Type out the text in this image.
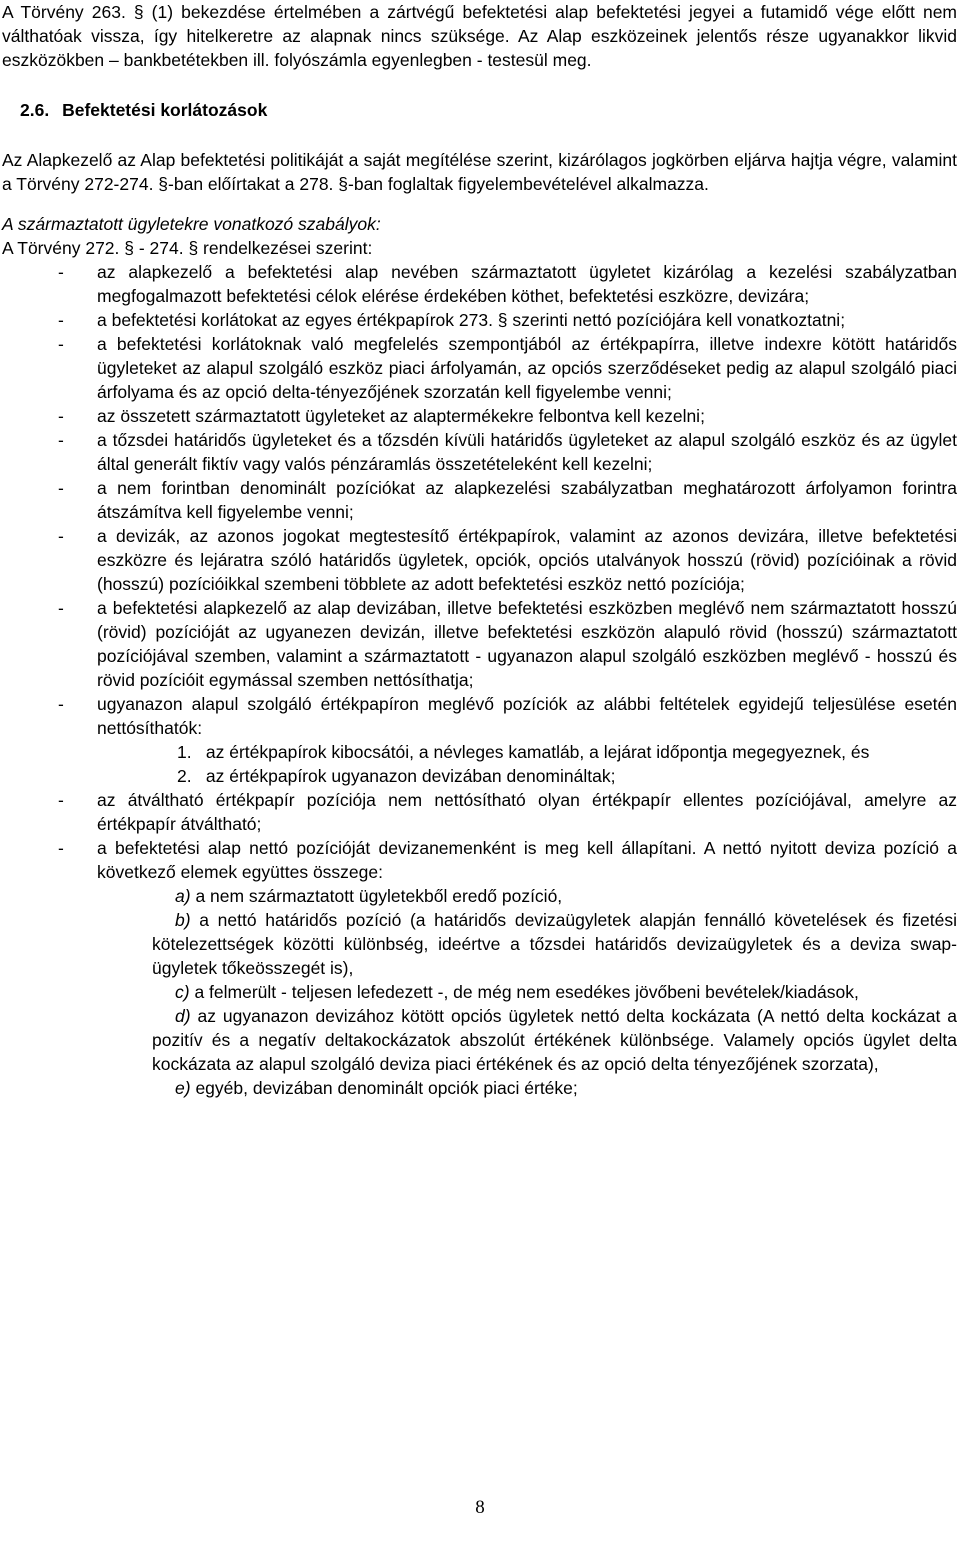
A Törvény 263. § (1) bekezdése értelmében a zártvégű befektetési alap befektetési jegyei a futamidő vége előtt nem válthatóak vissza, így hitelkeretre az alapnak nincs szüksége. Az Alap eszközeinek jelentős része ugyanakkor likvid eszközökben ‒ bankbetétekben ill. folyószámla egyenlegben - testesül meg.

2.6. Befektetési korlátozások

Az Alapkezelő az Alap befektetési politikáját a saját megítélése szerint, kizárólagos jogkörben eljárva hajtja végre, valamint a Törvény 272-274. §-ban előírtakat a 278. §-ban foglaltak figyelembevételével alkalmazza.

A származtatott ügyletekre vonatkozó szabályok:

A Törvény 272. § - 274. § rendelkezései szerint:

- az alapkezelő a befektetési alap nevében származtatott ügyletet kizárólag a kezelési szabályzatban megfogalmazott befektetési célok elérése érdekében köthet, befektetési eszközre, devizára;
- a befektetési korlátokat az egyes értékpapírok 273. § szerinti nettó pozíciójára kell vonatkoztatni;
- a befektetési korlátoknak való megfelelés szempontjából az értékpapírra, illetve indexre kötött határidős ügyleteket az alapul szolgáló eszköz piaci árfolyamán, az opciós szerződéseket pedig az alapul szolgáló piaci árfolyama és az opció delta-tényezőjének szorzatán kell figyelembe venni;
- az összetett származtatott ügyleteket az alaptermékekre felbontva kell kezelni;
- a tőzsdei határidős ügyleteket és a tőzsdén kívüli határidős ügyleteket az alapul szolgáló eszköz és az ügylet által generált fiktív vagy valós pénzáramlás összetételeként kell kezelni;
- a nem forintban denominált pozíciókat az alapkezelési szabályzatban meghatározott árfolyamon forintra átszámítva kell figyelembe venni;
- a devizák, az azonos jogokat megtestesítő értékpapírok, valamint az azonos devizára, illetve befektetési eszközre és lejáratra szóló határidős ügyletek, opciók, opciós utalványok hosszú (rövid) pozícióinak a rövid (hosszú) pozícióikkal szembeni többlete az adott befektetési eszköz nettó pozíciója;
- a befektetési alapkezelő az alap devizában, illetve befektetési eszközben meglévő nem származtatott hosszú (rövid) pozícióját az ugyanezen devizán, illetve befektetési eszközön alapuló rövid (hosszú) származtatott pozíciójával szemben, valamint a származtatott - ugyanazon alapul szolgáló eszközben meglévő - hosszú és rövid pozícióit egymással szemben nettósíthatja;
- ugyanazon alapul szolgáló értékpapíron meglévő pozíciók az alábbi feltételek egyidejű teljesülése esetén nettósíthatók:

1. az értékpapírok kibocsátói, a névleges kamatláb, a lejárat időpontja megegyeznek, és

2. az értékpapírok ugyanazon devizában denomináltak;

- az átváltható értékpapír pozíciója nem nettósítható olyan értékpapír ellentes pozíciójával, amelyre az értékpapír átváltható;
- a befektetési alap nettó pozícióját devizanemenként is meg kell állapítani. A nettó nyitott deviza pozíció a következő elemek együttes összege:

a) a nem származtatott ügyletekből eredő pozíció,

b) a nettó határidős pozíció (a határidős devizaügyletek alapján fennálló követelések és fizetési kötelezettségek közötti különbség, ideértve a tőzsdei határidős devizaügyletek és a deviza swap-ügyletek tőkeösszegét is),

c) a felmerült - teljesen lefedezett -, de még nem esedékes jövőbeni bevételek/kiadások,

d) az ugyanazon devizához kötött opciós ügyletek nettó delta kockázata (A nettó delta kockázat a pozitív és a negatív deltakockázatok abszolút értékének különbsége. Valamely opciós ügylet delta kockázata az alapul szolgáló deviza piaci értékének és az opció delta tényezőjének szorzata),

e) egyéb, devizában denominált opciók piaci értéke;

8
